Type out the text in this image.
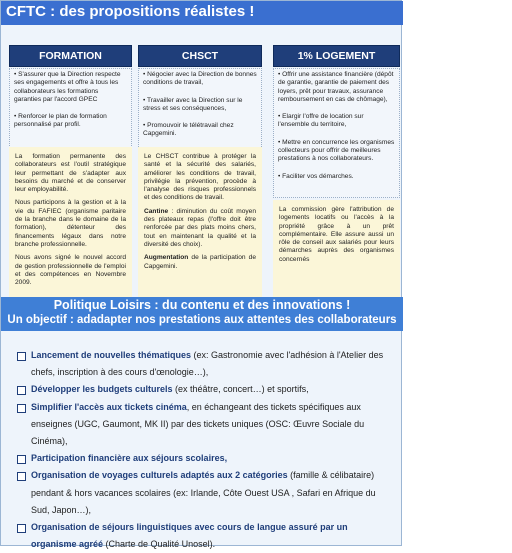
CFTC : des propositions réalistes !
FORMATION	CHSCT	1% LOGEMENT

• S'assurer que la Direction respecte ses engagements et offre à tous les collaborateurs les formations garanties par l'accord GPEC

• Renforcer le plan de formation personnalisé par profil.

• Négocier avec la Direction de bonnes conditions de travail,

• Travailler avec la Direction sur le stress et ses conséquences,

• Promouvoir le télétravail chez Capgemini.

• Offrir une assistance financière (dépôt de garantie, garantie de paiement des loyers, prêt pour travaux, assurance remboursement en cas de chômage),

• Elargir l'offre de location sur l'ensemble du territoire,

• Mettre en concurrence les organismes collecteurs pour offrir de meilleures prestations à nos collaborateurs.

• Faciliter vos démarches.

La formation permanente des collaborateurs est l'outil stratégique leur permettant de s'adapter aux besoins du marché et de conserver leur employabilité.

Nous participons à la gestion et à la vie du FAFIEC (organisme paritaire de la branche dans le domaine de la formation), détenteur des financements légaux dans notre branche professionnelle.

Nous avons signé le nouvel accord de gestion professionnelle de l'emploi et des compétences en Novembre 2009.

Le CHSCT contribue à protéger la santé et la sécurité des salariés, améliorer les conditions de travail, privilégie la prévention, procède à l'analyse des risques professionnels et des conditions de travail.

Cantine : diminution du coût moyen des plateaux repas (l'offre doit être renforcée par des plats moins chers, tout en maintenant la qualité et la diversité des choix).

Augmentation de la participation de Capgemini.

La commission gère l'attribution de logements locatifs ou l'accès à la propriété grâce à un prêt complémentaire. Elle assure aussi un rôle de conseil aux salariés pour leurs démarches auprès des organismes concernés

Politique Loisirs : du contenu et des innovations !

Un objectif : adadapter nos prestations aux attentes des collaborateurs

Lancement de nouvelles thématiques (ex: Gastronomie avec l'adhésion à l'Atelier des chefs, inscription à des cours d'œnologie…),
Développer les budgets culturels (ex théâtre, concert…) et sportifs,
Simplifier l'accès aux tickets cinéma, en échangeant des tickets spécifiques aux enseignes (UGC, Gaumont, MK II) par des tickets uniques (OSC: Œuvre Sociale du Cinéma),
Participation financière aux séjours scolaires,
Organisation de voyages culturels adaptés aux 2 catégories (famille & célibataire) pendant & hors vacances scolaires (ex: Irlande, Côte Ouest USA , Safari en Afrique du Sud, Japon…),
Organisation de séjours linguistiques avec cours de langue assuré par un organisme agréé (Charte de Qualité Unosel).
